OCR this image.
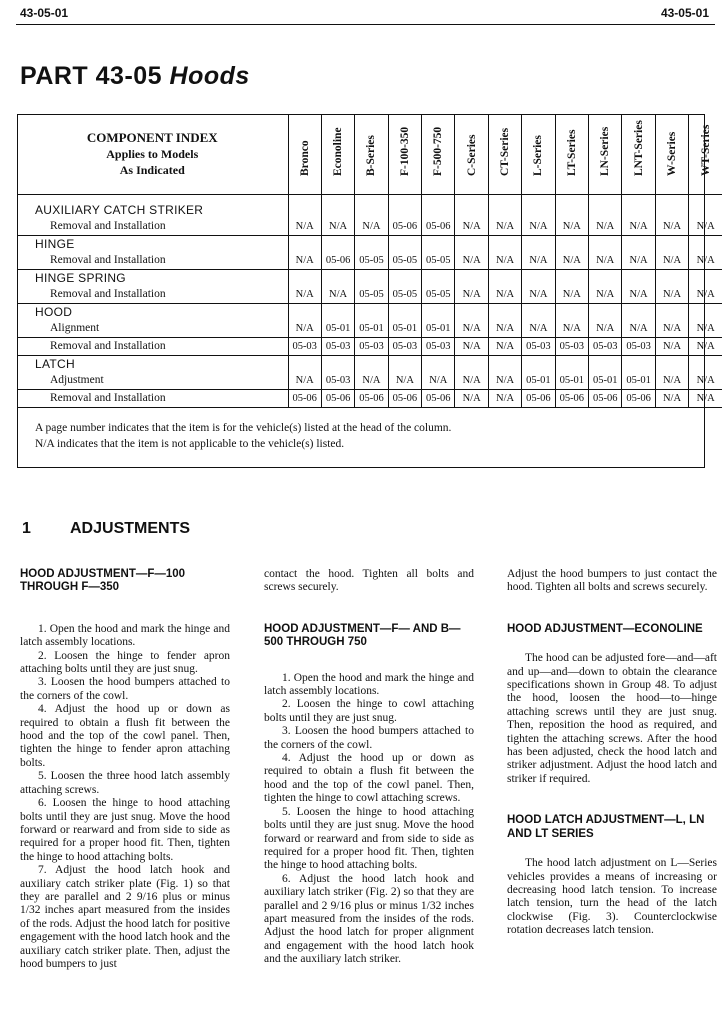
43-05-01	43-05-01
PART 43-05 Hoods
COMPONENT INDEX
Applies to Models
As Indicated	Bronco	Econoline	B-Series	F-100-350	F-500-750	C-Series	CT-Series	L-Series	LT-Series	LN-Series	LNT-Series	W-Series	WT-Series

AUXILIARY CATCH STRIKER													
Removal and Installation	N/A	N/A	N/A	05-06	05-06	N/A	N/A	N/A	N/A	N/A	N/A	N/A	N/A
HINGE													
Removal and Installation	N/A	05-06	05-05	05-05	05-05	N/A	N/A	N/A	N/A	N/A	N/A	N/A	N/A
HINGE SPRING													
Removal and Installation	N/A	N/A	05-05	05-05	05-05	N/A	N/A	N/A	N/A	N/A	N/A	N/A	N/A
HOOD													
Alignment	N/A	05-01	05-01	05-01	05-01	N/A	N/A	N/A	N/A	N/A	N/A	N/A	N/A
Removal and Installation	05-03	05-03	05-03	05-03	05-03	N/A	N/A	05-03	05-03	05-03	05-03	N/A	N/A
LATCH													
Adjustment	N/A	05-03	N/A	N/A	N/A	N/A	N/A	05-01	05-01	05-01	05-01	N/A	N/A
Removal and Installation	05-06	05-06	05-06	05-06	05-06	N/A	N/A	05-06	05-06	05-06	05-06	N/A	N/A

A page number indicates that the item is for the vehicle(s) listed at the head of the column.
N/A indicates that the item is not applicable to the vehicle(s) listed.													
1 ADJUSTMENTS
HOOD ADJUSTMENT—F—100 THROUGH F—350

1. Open the hood and mark the hinge and latch assembly locations.

2. Loosen the hinge to fender apron attaching bolts until they are just snug.

3. Loosen the hood bumpers attached to the corners of the cowl.

4. Adjust the hood up or down as required to obtain a flush fit between the hood and the top of the cowl panel. Then, tighten the hinge to fender apron attaching bolts.

5. Loosen the three hood latch assembly attaching screws.

6. Loosen the hinge to hood attaching bolts until they are just snug. Move the hood forward or rearward and from side to side as required for a proper hood fit. Then, tighten the hinge to hood attaching bolts.

7. Adjust the hood latch hook and auxiliary catch striker plate (Fig. 1) so that they are parallel and 2 9/16 plus or minus 1/32 inches apart measured from the insides of the rods. Adjust the hood latch for positive engagement with the hood latch hook and the auxiliary catch striker plate. Then, adjust the hood bumpers to just

contact the hood. Tighten all bolts and screws securely.
HOOD ADJUSTMENT—F— AND B—500 THROUGH 750

1. Open the hood and mark the hinge and latch assembly locations.

2. Loosen the hinge to cowl attaching bolts until they are just snug.

3. Loosen the hood bumpers attached to the corners of the cowl.

4. Adjust the hood up or down as required to obtain a flush fit between the hood and the top of the cowl panel. Then, tighten the hinge to cowl attaching screws.

5. Loosen the hinge to hood attaching bolts until they are just snug. Move the hood forward or rearward and from side to side as required for a proper hood fit. Then, tighten the hinge to hood attaching bolts.

6. Adjust the hood latch hook and auxiliary latch striker (Fig. 2) so that they are parallel and 2 9/16 plus or minus 1/32 inches apart measured from the insides of the rods. Adjust the hood latch for proper alignment and engagement with the hood latch hook and the auxiliary latch striker.

Adjust the hood bumpers to just contact the hood. Tighten all bolts and screws securely.
HOOD ADJUSTMENT—ECONOLINE

The hood can be adjusted fore—and—aft and up—and—down to obtain the clearance specifications shown in Group 48. To adjust the hood, loosen the hood—to—hinge attaching screws until they are just snug. Then, reposition the hood as required, and tighten the attaching screws. After the hood has been adjusted, check the hood latch and striker adjustment. Adjust the hood latch and striker if required.

HOOD LATCH ADJUSTMENT—L, LN AND LT SERIES

The hood latch adjustment on L—Series vehicles provides a means of increasing or decreasing hood latch tension. To increase latch tension, turn the head of the latch clockwise (Fig. 3). Counterclockwise rotation decreases latch tension.
